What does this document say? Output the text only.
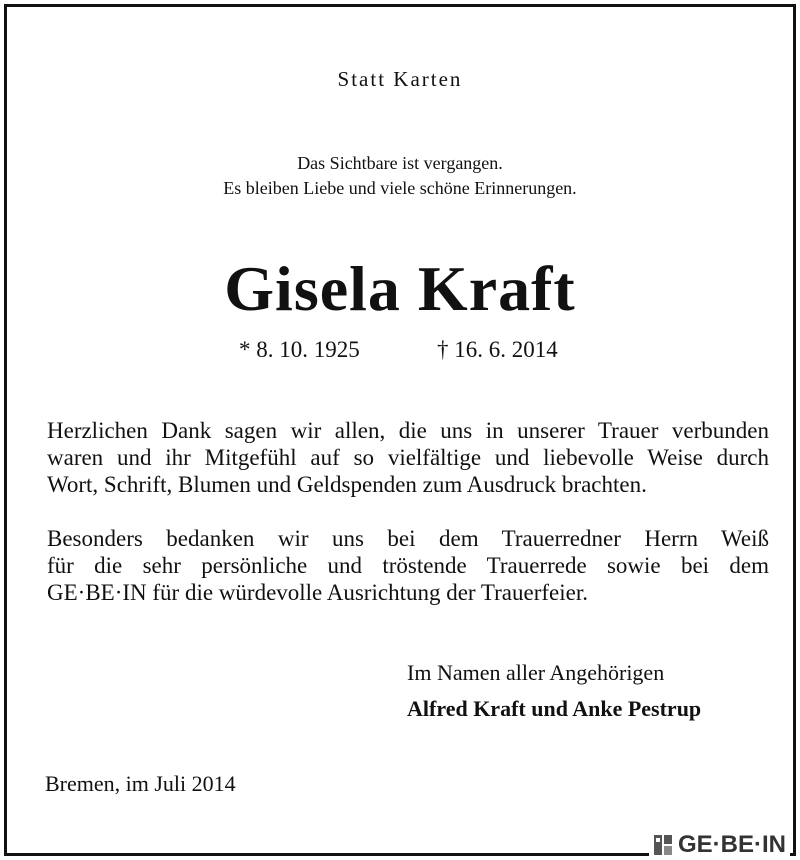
Statt Karten
Das Sichtbare ist vergangen.
Es bleiben Liebe und viele schöne Erinnerungen.
Gisela Kraft
* 8. 10. 1925	† 16. 6. 2014
Herzlichen Dank sagen wir allen, die uns in unserer Trauer verbunden
waren und ihr Mitgefühl auf so vielfältige und liebevolle Weise durch
Wort, Schrift, Blumen und Geldspenden zum Ausdruck brachten.
Besonders bedanken wir uns bei dem Trauerredner Herrn Weiß
für die sehr persönliche und tröstende Trauerrede sowie bei dem
GE·BE·IN für die würdevolle Ausrichtung der Trauerfeier.
Im Namen aller Angehörigen
Alfred Kraft und Anke Pestrup
Bremen, im Juli 2014
GE·BE·IN
